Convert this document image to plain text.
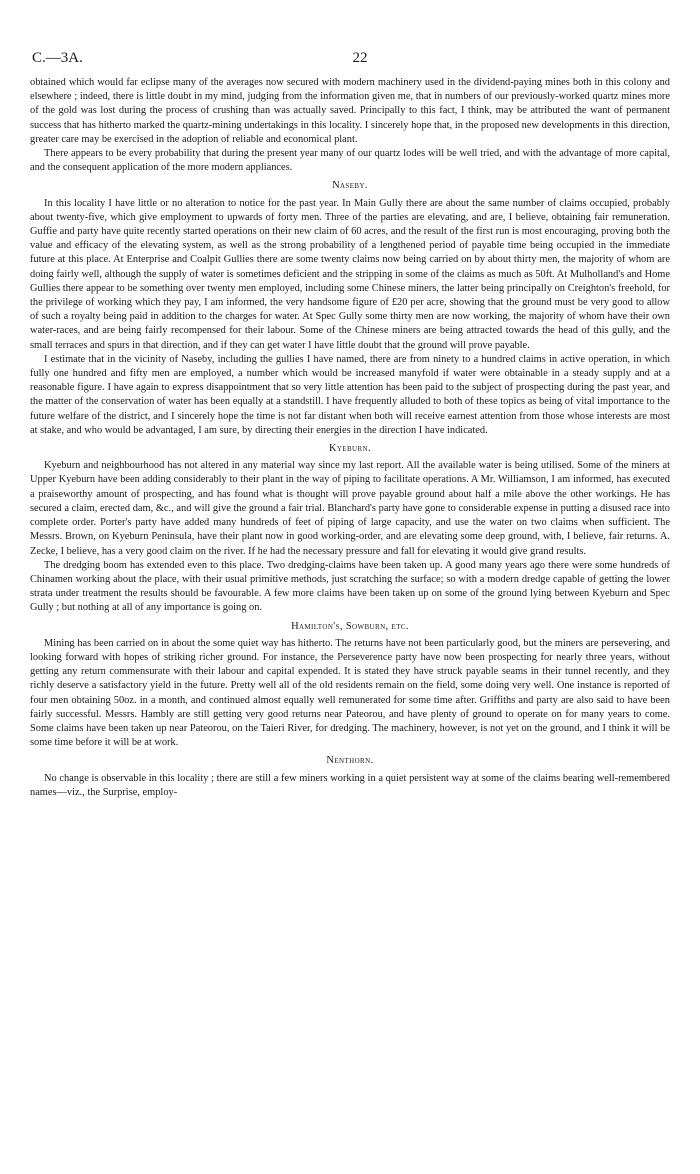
C.—3A.	22

obtained which would far eclipse many of the averages now secured with modern machinery used in the dividend-paying mines both in this colony and elsewhere ; indeed, there is little doubt in my mind, judging from the information given me, that in numbers of our previously-worked quartz mines more of the gold was lost during the process of crushing than was actually saved. Principally to this fact, I think, may be attributed the want of permanent success that has hitherto marked the quartz-mining undertakings in this locality. I sincerely hope that, in the proposed new developments in this direction, greater care may be exercised in the adoption of reliable and economical plant.

There appears to be every probability that during the present year many of our quartz lodes will be well tried, and with the advantage of more capital, and the consequent application of the more modern appliances.

Naseby.

In this locality I have little or no alteration to notice for the past year. In Main Gully there are about the same number of claims occupied, probably about twenty-five, which give employment to upwards of forty men. Three of the parties are elevating, and are, I believe, obtaining fair remuneration. Guffie and party have quite recently started operations on their new claim of 60 acres, and the result of the first run is most encouraging, proving both the value and efficacy of the elevating system, as well as the strong probability of a lengthened period of payable time being occupied in the immediate future at this place. At Enterprise and Coalpit Gullies there are some twenty claims now being carried on by about thirty men, the majority of whom are doing fairly well, although the supply of water is sometimes deficient and the stripping in some of the claims as much as 50ft. At Mulholland's and Home Gullies there appear to be something over twenty men employed, including some Chinese miners, the latter being principally on Creighton's freehold, for the privilege of working which they pay, I am informed, the very handsome figure of £20 per acre, showing that the ground must be very good to allow of such a royalty being paid in addition to the charges for water. At Spec Gully some thirty men are now working, the majority of whom have their own water-races, and are being fairly recompensed for their labour. Some of the Chinese miners are being attracted towards the head of this gully, and the small terraces and spurs in that direction, and if they can get water I have little doubt that the ground will prove payable.

I estimate that in the vicinity of Naseby, including the gullies I have named, there are from ninety to a hundred claims in active operation, in which fully one hundred and fifty men are employed, a number which would be increased manyfold if water were obtainable in a steady supply and at a reasonable figure. I have again to express disappointment that so very little attention has been paid to the subject of prospecting during the past year, and the matter of the conservation of water has been equally at a standstill. I have frequently alluded to both of these topics as being of vital importance to the future welfare of the district, and I sincerely hope the time is not far distant when both will receive earnest attention from those whose interests are most at stake, and who would be advantaged, I am sure, by directing their energies in the direction I have indicated.

Kyeburn.

Kyeburn and neighbourhood has not altered in any material way since my last report. All the available water is being utilised. Some of the miners at Upper Kyeburn have been adding considerably to their plant in the way of piping to facilitate operations. A Mr. Williamson, I am informed, has executed a praiseworthy amount of prospecting, and has found what is thought will prove payable ground about half a mile above the other workings. He has secured a claim, erected dam, &c., and will give the ground a fair trial. Blanchard's party have gone to considerable expense in putting a disused race into complete order. Porter's party have added many hundreds of feet of piping of large capacity, and use the water on two claims when sufficient. The Messrs. Brown, on Kyeburn Peninsula, have their plant now in good working-order, and are elevating some deep ground, with, I believe, fair returns. A. Zecke, I believe, has a very good claim on the river. If he had the necessary pressure and fall for elevating it would give grand results.

The dredging boom has extended even to this place. Two dredging-claims have been taken up. A good many years ago there were some hundreds of Chinamen working about the place, with their usual primitive methods, just scratching the surface; so with a modern dredge capable of getting the lower strata under treatment the results should be favourable. A few more claims have been taken up on some of the ground lying between Kyeburn and Spec Gully ; but nothing at all of any importance is going on.

Hamilton's, Sowburn, etc.

Mining has been carried on in about the some quiet way has hitherto. The returns have not been particularly good, but the miners are persevering, and looking forward with hopes of striking richer ground. For instance, the Perseverence party have now been prospecting for nearly three years, without getting any return commensurate with their labour and capital expended. It is stated they have struck payable seams in their tunnel recently, and they richly deserve a satisfactory yield in the future. Pretty well all of the old residents remain on the field, some doing very well. One instance is reported of four men obtaining 50oz. in a month, and continued almost equally well remunerated for some time after. Griffiths and party are also said to have been fairly successful. Messrs. Hambly are still getting very good returns near Pateorou, and have plenty of ground to operate on for many years to come. Some claims have been taken up near Pateorou, on the Taieri River, for dredging. The machinery, however, is not yet on the ground, and I think it will be some time before it will be at work.

Nenthorn.

No change is observable in this locality ; there are still a few miners working in a quiet persistent way at some of the claims bearing well-remembered names—viz., the Surprise, employ-
